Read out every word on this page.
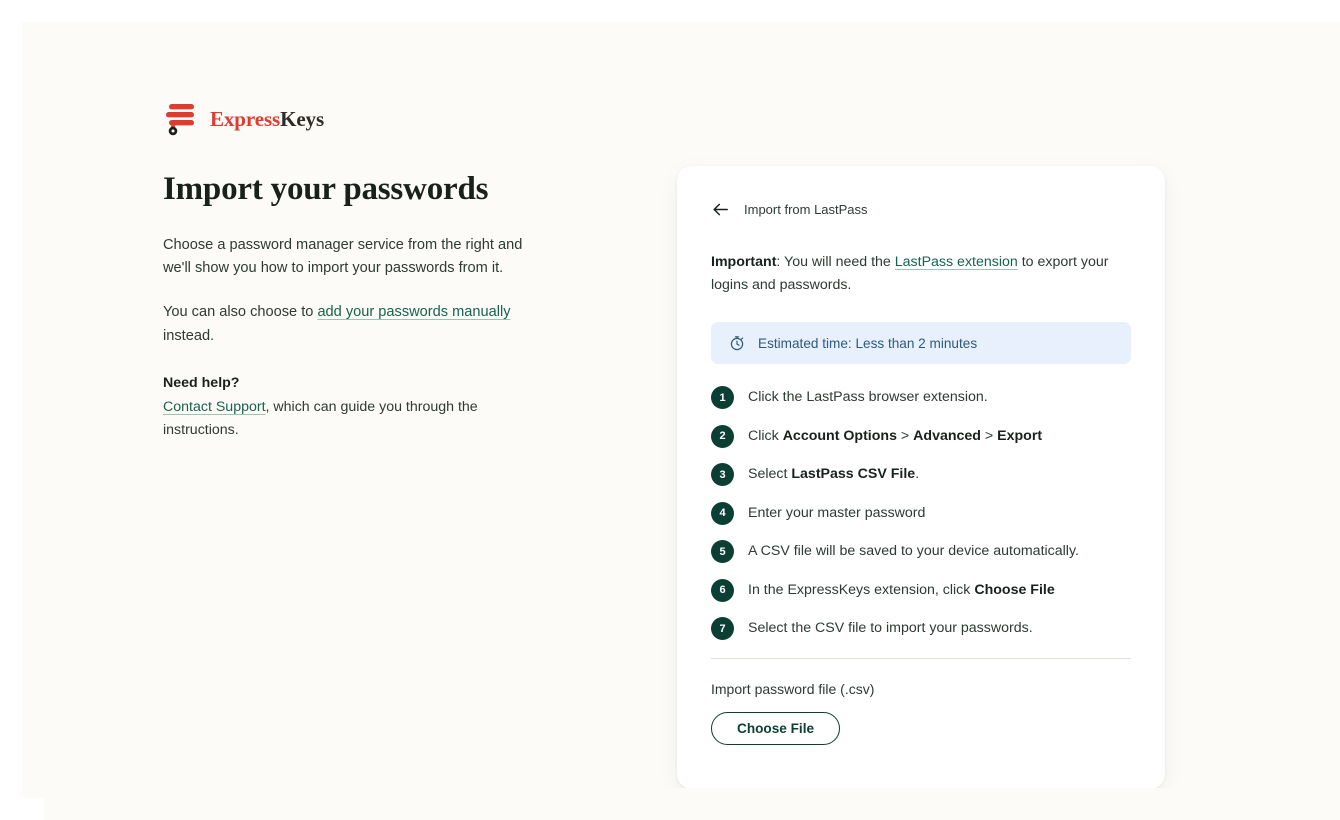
ExpressKeys
Import your passwords

Choose a password manager service from the right and we'll show you how to import your passwords from it.

You can also choose to add your passwords manually instead.

Need help?
Contact Support, which can guide you through the instructions.

Import from LastPass

Important: You will need the LastPass extension to export your logins and passwords.

Estimated time: Less than 2 minutes
1	Click the LastPass browser extension.
2	Click Account Options > Advanced > Export
3	Select LastPass CSV File.
4	Enter your master password
5	A CSV file will be saved to your device automatically.
6	In the ExpressKeys extension, click Choose File
7	Select the CSV file to import your passwords.
Import password file (.csv)
Choose File
